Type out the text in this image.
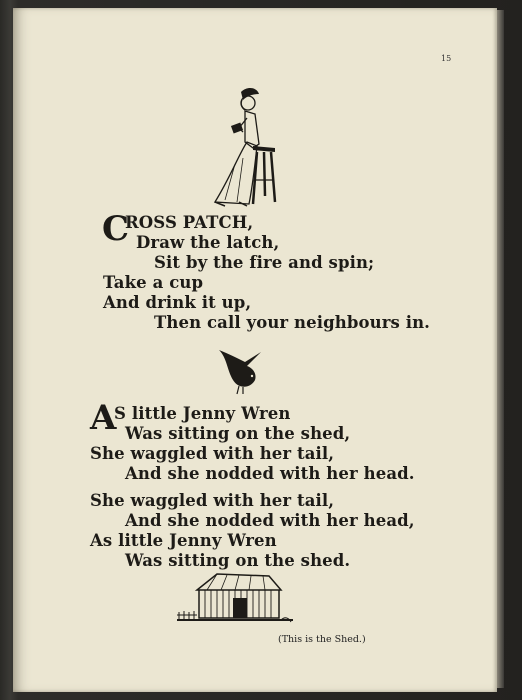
15
C
ROSS PATCH,
Draw the latch,
Sit by the fire and spin;
Take a cup
And drink it up,
Then call your neighbours in.
A
S little Jenny Wren
Was sitting on the shed,
She waggled with her tail,
And she nodded with her head.
She waggled with her tail,
And she nodded with her head,
As little Jenny Wren
Was sitting on the shed.
(This is the Shed.)
